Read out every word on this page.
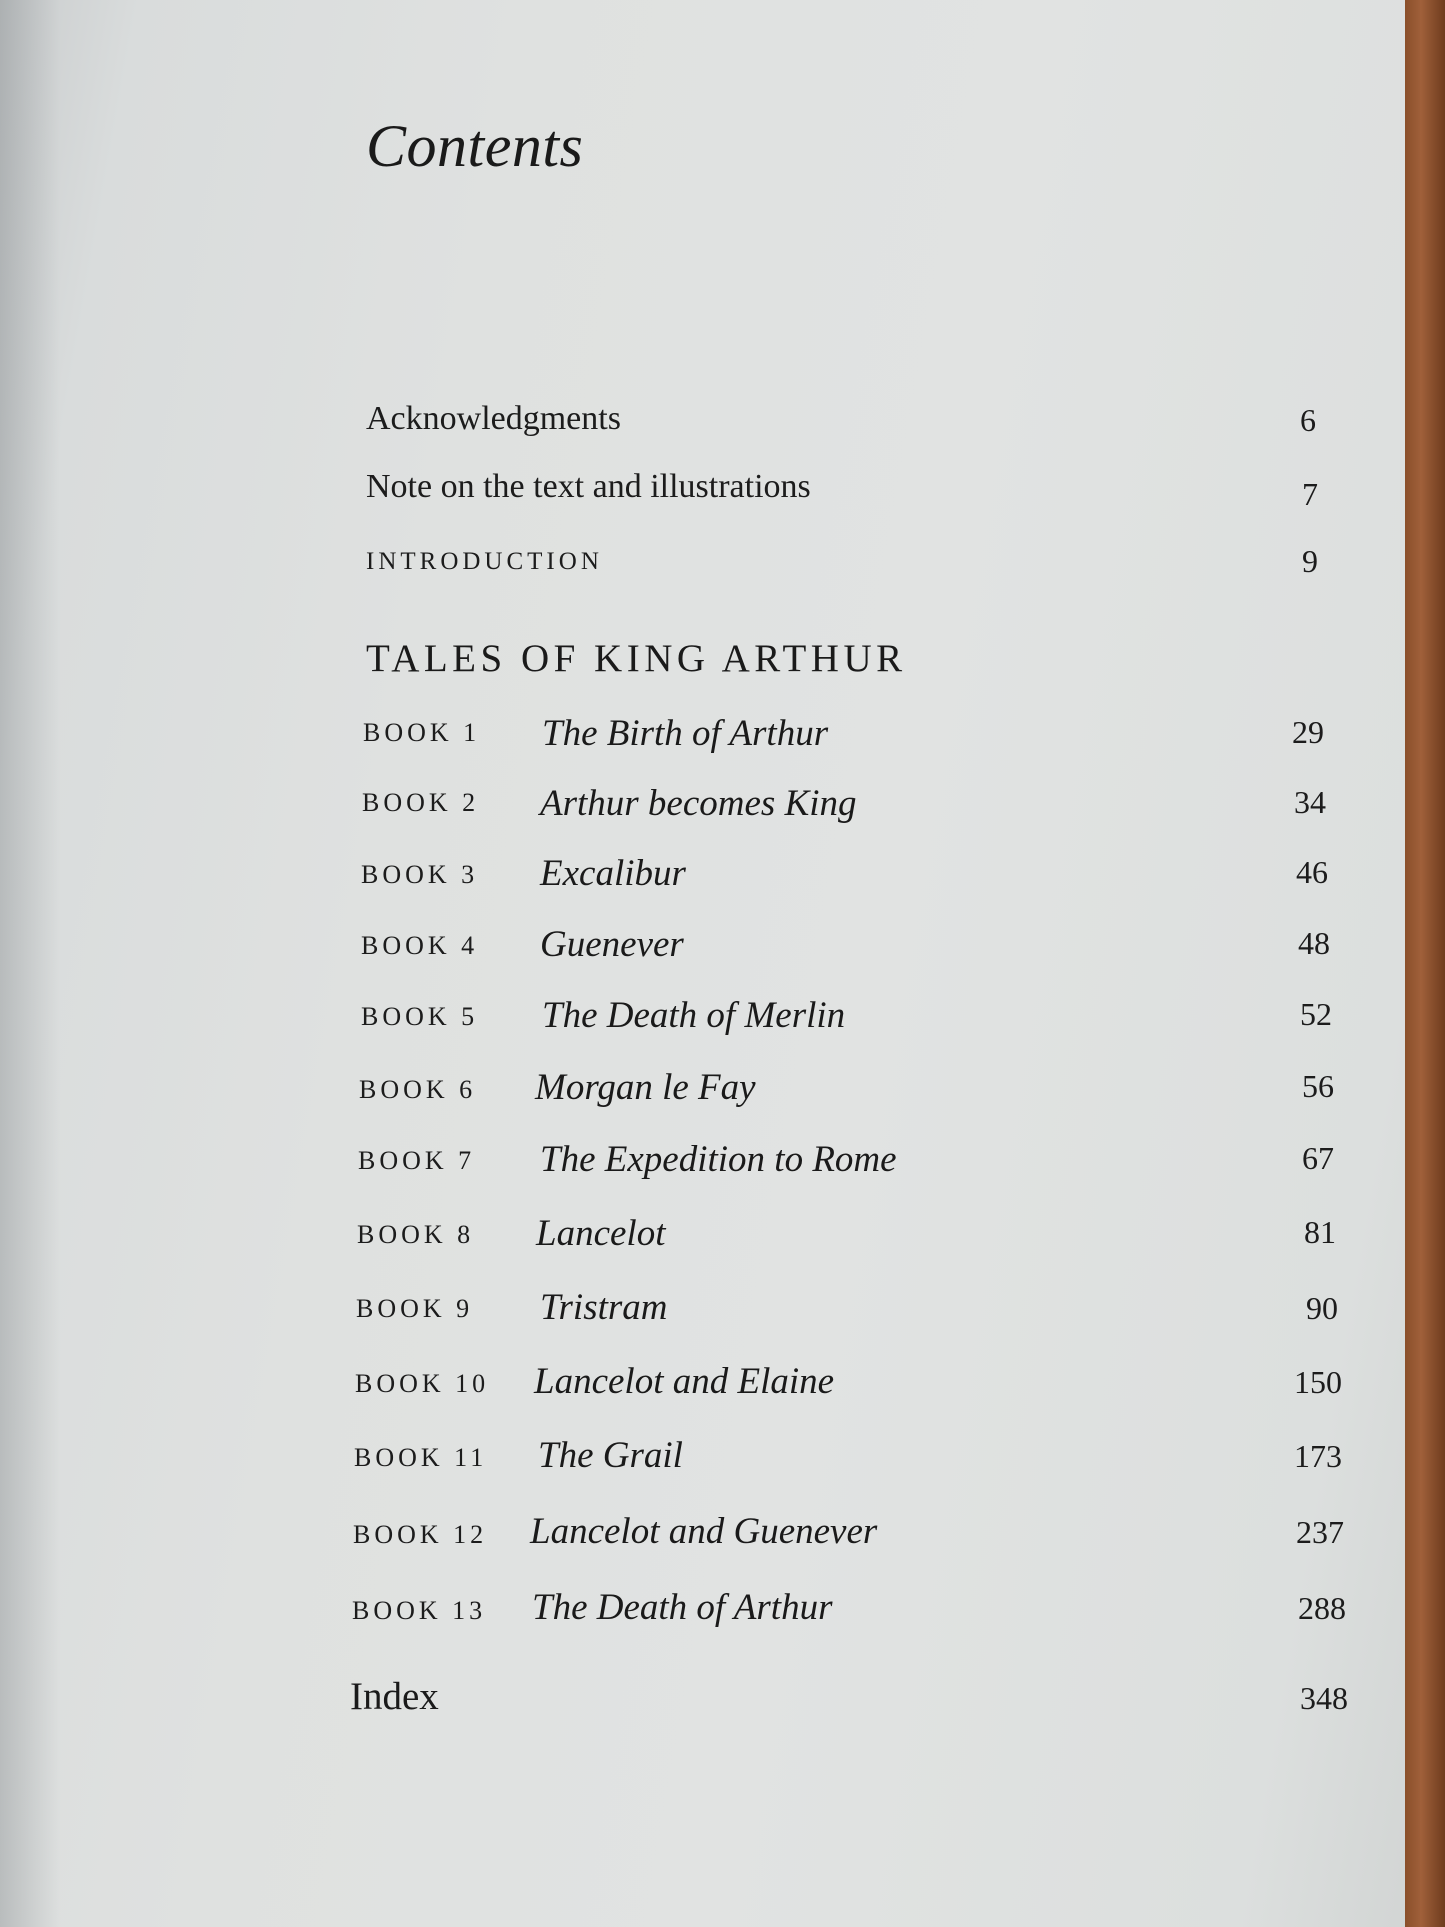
Contents
Acknowledgments	6
Note on the text and illustrations	7
INTRODUCTION	9
TALES OF KING ARTHUR
BOOK 1 The Birth of Arthur	29
BOOK 2 Arthur becomes King	34
BOOK 3 Excalibur	46
BOOK 4 Guenever	48
BOOK 5 The Death of Merlin	52
BOOK 6 Morgan le Fay	56
BOOK 7 The Expedition to Rome	67
BOOK 8 Lancelot	81
BOOK 9 Tristram	90
BOOK 10 Lancelot and Elaine	150
BOOK 11 The Grail	173
BOOK 12 Lancelot and Guenever	237
BOOK 13 The Death of Arthur	288
Index	348
